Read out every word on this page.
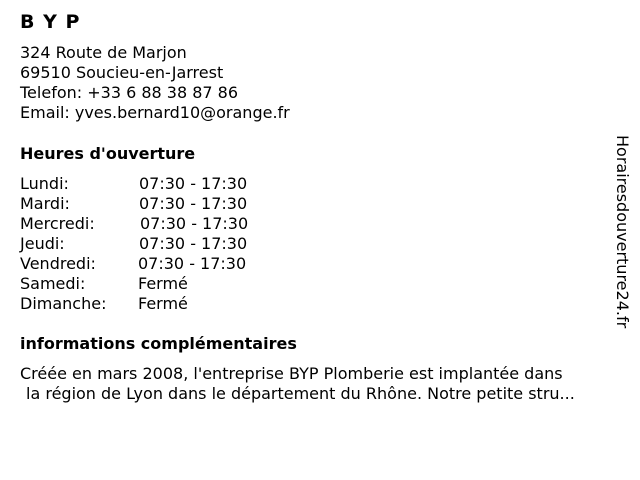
B Y P
324 Route de Marjon
69510 Soucieu-en-Jarrest
Telefon: +33 6 88 38 87 86
Email: yves.bernard10@orange.fr
Heures d'ouverture
Lundi:	07:30 - 17:30
Mardi:	07:30 - 17:30
Mercredi:	07:30 - 17:30
Jeudi:	07:30 - 17:30
Vendredi:	07:30 - 17:30
Samedi:	Fermé
Dimanche: Fermé
informations complémentaires
Créée en mars 2008, l'entreprise BYP Plomberie est implantée dans
la région de Lyon dans le département du Rhône. Notre petite stru...
Horairesdouverture24.fr
